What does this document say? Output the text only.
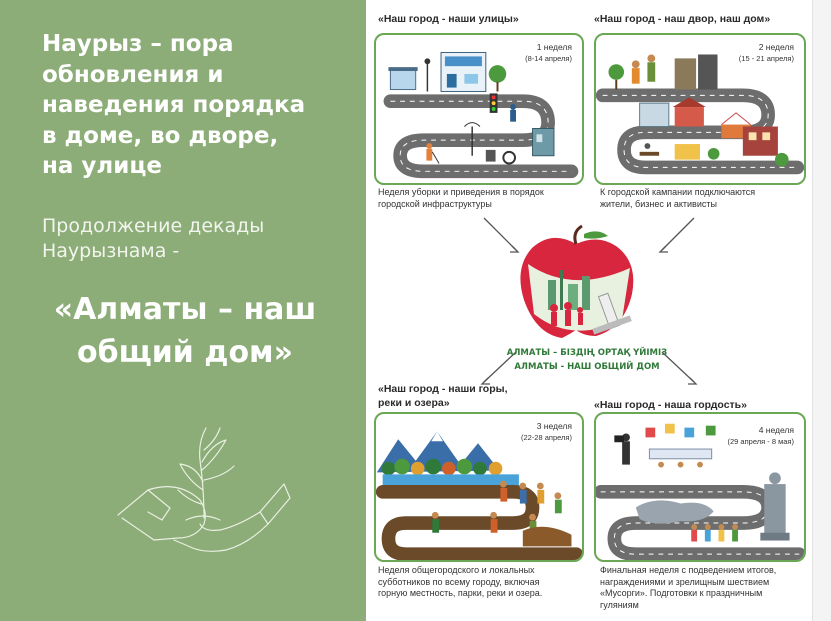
Наурыз – пора
обновления и
наведения порядка
в доме, во дворе,
на улице
Продолжение декады
Наурызнама -
«Алматы – наш
общий дом»
«Наш город - наши улицы»
1 неделя
(8-14 апреля)
Неделя уборки и приведения в порядок
городской инфраструктуры
«Наш город - наш двор, наш дом»
2 неделя
(15 - 21 апреля)
К городской кампании подключаются
жители, бизнес и активисты
АЛМАТЫ – БІЗДІҢ ОРТАҚ ҮЙІМІЗ
АЛМАТЫ - НАШ ОБЩИЙ ДОМ
«Наш город - наши горы,
реки и озера»
3 неделя
(22-28 апреля)
Неделя общегородского и локальных
субботников по всему городу, включая
горную местность, парки, реки и озера.
«Наш город - наша гордость»
4 неделя
(29 апреля - 8 мая)
Финальная неделя с подведением итогов,
награждениями и зрелищным шествием
«Мусорги». Подготовки к праздничным
гуляниям
